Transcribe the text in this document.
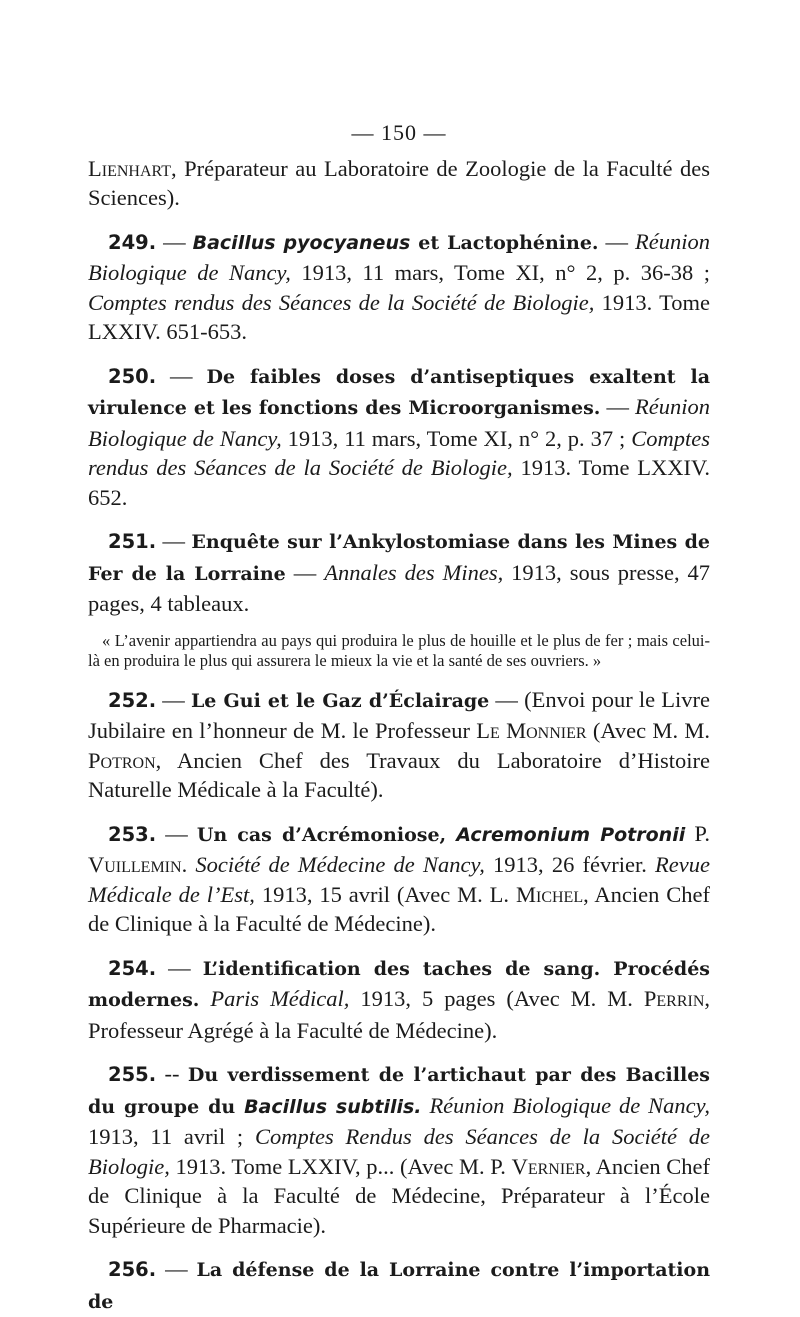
— 150 —

Lienhart, Préparateur au Laboratoire de Zoologie de la Faculté des Sciences).

249. — Bacillus pyocyaneus et Lactophénine. — Réunion Biologique de Nancy, 1913, 11 mars, Tome XI, n° 2, p. 36-38 ; Comptes rendus des Séances de la Société de Biologie, 1913. Tome LXXIV. 651-653.

250. — De faibles doses d’antiseptiques exaltent la virulence et les fonctions des Microorganismes. — Réunion Biologique de Nancy, 1913, 11 mars, Tome XI, n° 2, p. 37 ; Comptes rendus des Séances de la Société de Biologie, 1913. Tome LXXIV. 652.

251. — Enquête sur l’Ankylostomiase dans les Mines de Fer de la Lorraine — Annales des Mines, 1913, sous presse, 47 pages, 4 tableaux.

« L’avenir appartiendra au pays qui produira le plus de houille et le plus de fer ; mais celui-là en produira le plus qui assurera le mieux la vie et la santé de ses ouvriers. »

252. — Le Gui et le Gaz d’Éclairage — (Envoi pour le Livre Jubilaire en l’honneur de M. le Professeur Le Monnier (Avec M. M. Potron, Ancien Chef des Travaux du Laboratoire d’Histoire Naturelle Médicale à la Faculté).

253. — Un cas d’Acrémoniose, Acremonium Potronii P. Vuillemin. Société de Médecine de Nancy, 1913, 26 février. Revue Médicale de l’Est, 1913, 15 avril (Avec M. L. Michel, Ancien Chef de Clinique à la Faculté de Médecine).

254. — L’identification des taches de sang. Procédés modernes. Paris Médical, 1913, 5 pages (Avec M. M. Perrin, Professeur Agrégé à la Faculté de Médecine).

255. -- Du verdissement de l’artichaut par des Bacilles du groupe du Bacillus subtilis. Réunion Biologique de Nancy, 1913, 11 avril ; Comptes Rendus des Séances de la Société de Biologie, 1913. Tome LXXIV, p... (Avec M. P. Vernier, Ancien Chef de Clinique à la Faculté de Médecine, Préparateur à l’École Supérieure de Pharmacie).

256. — La défense de la Lorraine contre l’importation de
